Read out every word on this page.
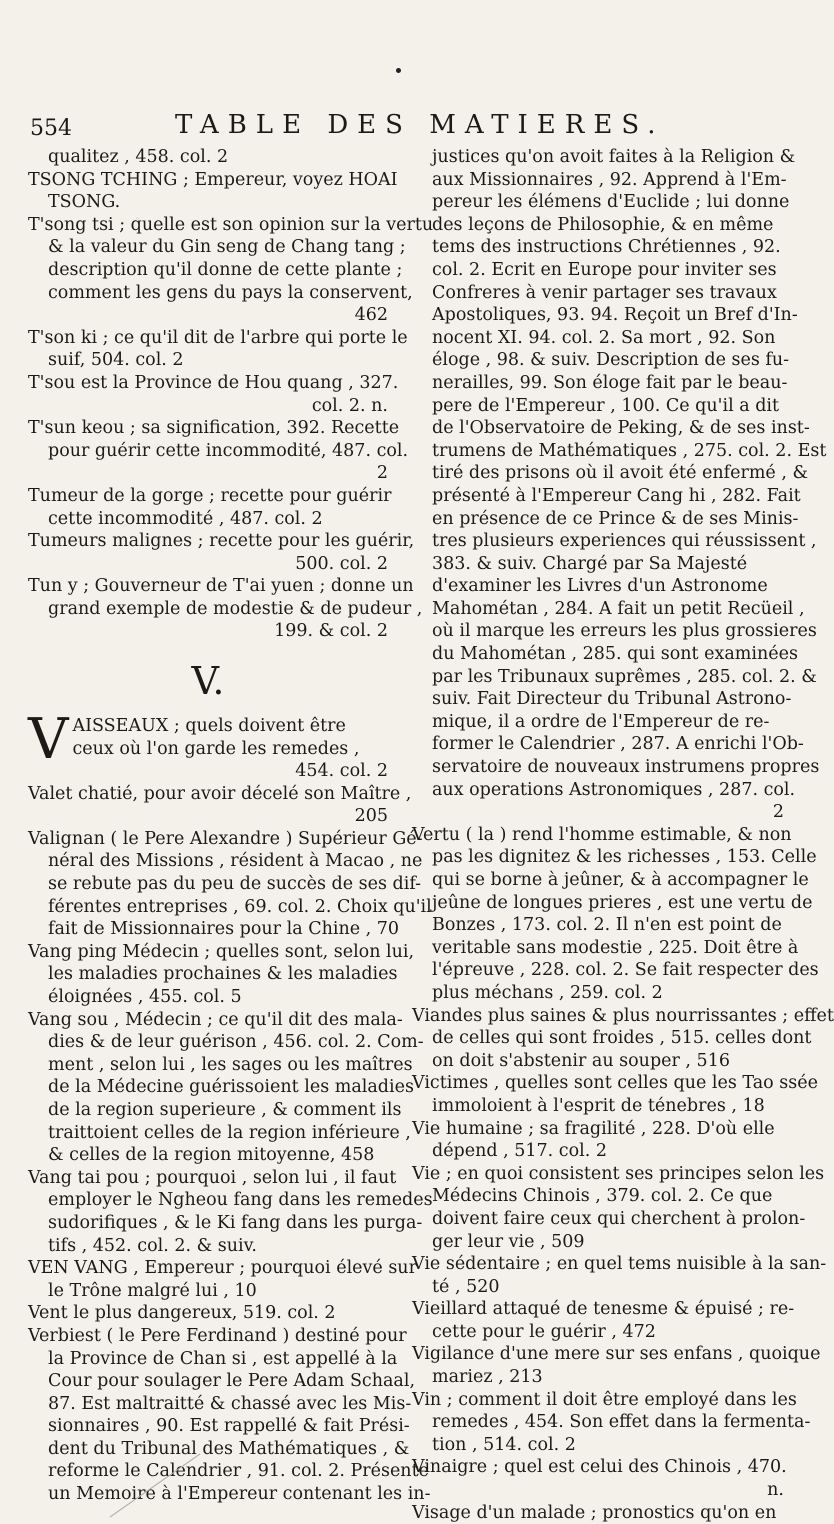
554	TABLE DES MATIERES.
qualitez , 458. col. 2
TSONG TCHING ; Empereur, voyez HOAI
TSONG.
T'song tsi ; quelle est son opinion sur la vertu
& la valeur du Gin seng de Chang tang ;
description qu'il donne de cette plante ;
comment les gens du pays la conservent,
462
T'son ki ; ce qu'il dit de l'arbre qui porte le
suif, 504. col. 2
T'sou est la Province de Hou quang , 327.
col. 2. n.
T'sun keou ; sa signification, 392. Recette
pour guérir cette incommodité, 487. col.
2
Tumeur de la gorge ; recette pour guérir
cette incommodité , 487. col. 2
Tumeurs malignes ; recette pour les guérir,
500. col. 2
Tun y ; Gouverneur de T'ai yuen ; donne un
grand exemple de modestie & de pudeur ,
199. & col. 2
V.
V AISSEAUX ; quels doivent être
ceux où l'on garde les remedes ,
454. col. 2
Valet chatié, pour avoir décelé son Maître ,
205
Valignan ( le Pere Alexandre ) Supérieur Gé-
néral des Missions , résident à Macao , ne
se rebute pas du peu de succès de ses dif-
férentes entreprises , 69. col. 2. Choix qu'il
fait de Missionnaires pour la Chine , 70
Vang ping Médecin ; quelles sont, selon lui,
les maladies prochaines & les maladies
éloignées , 455. col. 5
Vang sou , Médecin ; ce qu'il dit des mala-
dies & de leur guérison , 456. col. 2. Com-
ment , selon lui , les sages ou les maîtres
de la Médecine guérissoient les maladies
de la region superieure , & comment ils
traittoient celles de la region inférieure ,
& celles de la region mitoyenne, 458
Vang tai pou ; pourquoi , selon lui , il faut
employer le Ngheou fang dans les remedes
sudorifiques , & le Ki fang dans les purga-
tifs , 452. col. 2. & suiv.
VEN VANG , Empereur ; pourquoi élevé sur
le Trône malgré lui , 10
Vent le plus dangereux, 519. col. 2
Verbiest ( le Pere Ferdinand ) destiné pour
la Province de Chan si , est appellé à la
Cour pour soulager le Pere Adam Schaal,
87. Est maltraitté & chassé avec les Mis-
sionnaires , 90. Est rappellé & fait Prési-
dent du Tribunal des Mathématiques , &
reforme le Calendrier , 91. col. 2. Présente
un Memoire à l'Empereur contenant les in-
justices qu'on avoit faites à la Religion &
aux Missionnaires , 92. Apprend à l'Em-
pereur les élémens d'Euclide ; lui donne
des leçons de Philosophie, & en même
tems des instructions Chrétiennes , 92.
col. 2. Ecrit en Europe pour inviter ses
Confreres à venir partager ses travaux
Apostoliques, 93. 94. Reçoit un Bref d'In-
nocent XI. 94. col. 2. Sa mort , 92. Son
éloge , 98. & suiv. Description de ses fu-
nerailles, 99. Son éloge fait par le beau-
pere de l'Empereur , 100. Ce qu'il a dit
de l'Observatoire de Peking, & de ses inst-
trumens de Mathématiques , 275. col. 2. Est
tiré des prisons où il avoit été enfermé , &
présenté à l'Empereur Cang hi , 282. Fait
en présence de ce Prince & de ses Minis-
tres plusieurs experiences qui réussissent ,
383. & suiv. Chargé par Sa Majesté
d'examiner les Livres d'un Astronome
Mahométan , 284. A fait un petit Recüeil ,
où il marque les erreurs les plus grossieres
du Mahométan , 285. qui sont examinées
par les Tribunaux suprêmes , 285. col. 2. &
suiv. Fait Directeur du Tribunal Astrono-
mique, il a ordre de l'Empereur de re-
former le Calendrier , 287. A enrichi l'Ob-
servatoire de nouveaux instrumens propres
aux operations Astronomiques , 287. col.
2
Vertu ( la ) rend l'homme estimable, & non
pas les dignitez & les richesses , 153. Celle
qui se borne à jeûner, & à accompagner le
jeûne de longues prieres , est une vertu de
Bonzes , 173. col. 2. Il n'en est point de
veritable sans modestie , 225. Doit être à
l'épreuve , 228. col. 2. Se fait respecter des
plus méchans , 259. col. 2
Viandes plus saines & plus nourrissantes ; effet
de celles qui sont froides , 515. celles dont
on doit s'abstenir au souper , 516
Victimes , quelles sont celles que les Tao ssée
immoloient à l'esprit de ténebres , 18
Vie humaine ; sa fragilité , 228. D'où elle
dépend , 517. col. 2
Vie ; en quoi consistent ses principes selon les
Médecins Chinois , 379. col. 2. Ce que
doivent faire ceux qui cherchent à prolon-
ger leur vie , 509
Vie sédentaire ; en quel tems nuisible à la san-
té , 520
Vieillard attaqué de tenesme & épuisé ; re-
cette pour le guérir , 472
Vigilance d'une mere sur ses enfans , quoique
mariez , 213
Vin ; comment il doit être employé dans les
remedes , 454. Son effet dans la fermenta-
tion , 514. col. 2
Vinaigre ; quel est celui des Chinois , 470.
n.
Visage d'un malade ; pronostics qu'on en
